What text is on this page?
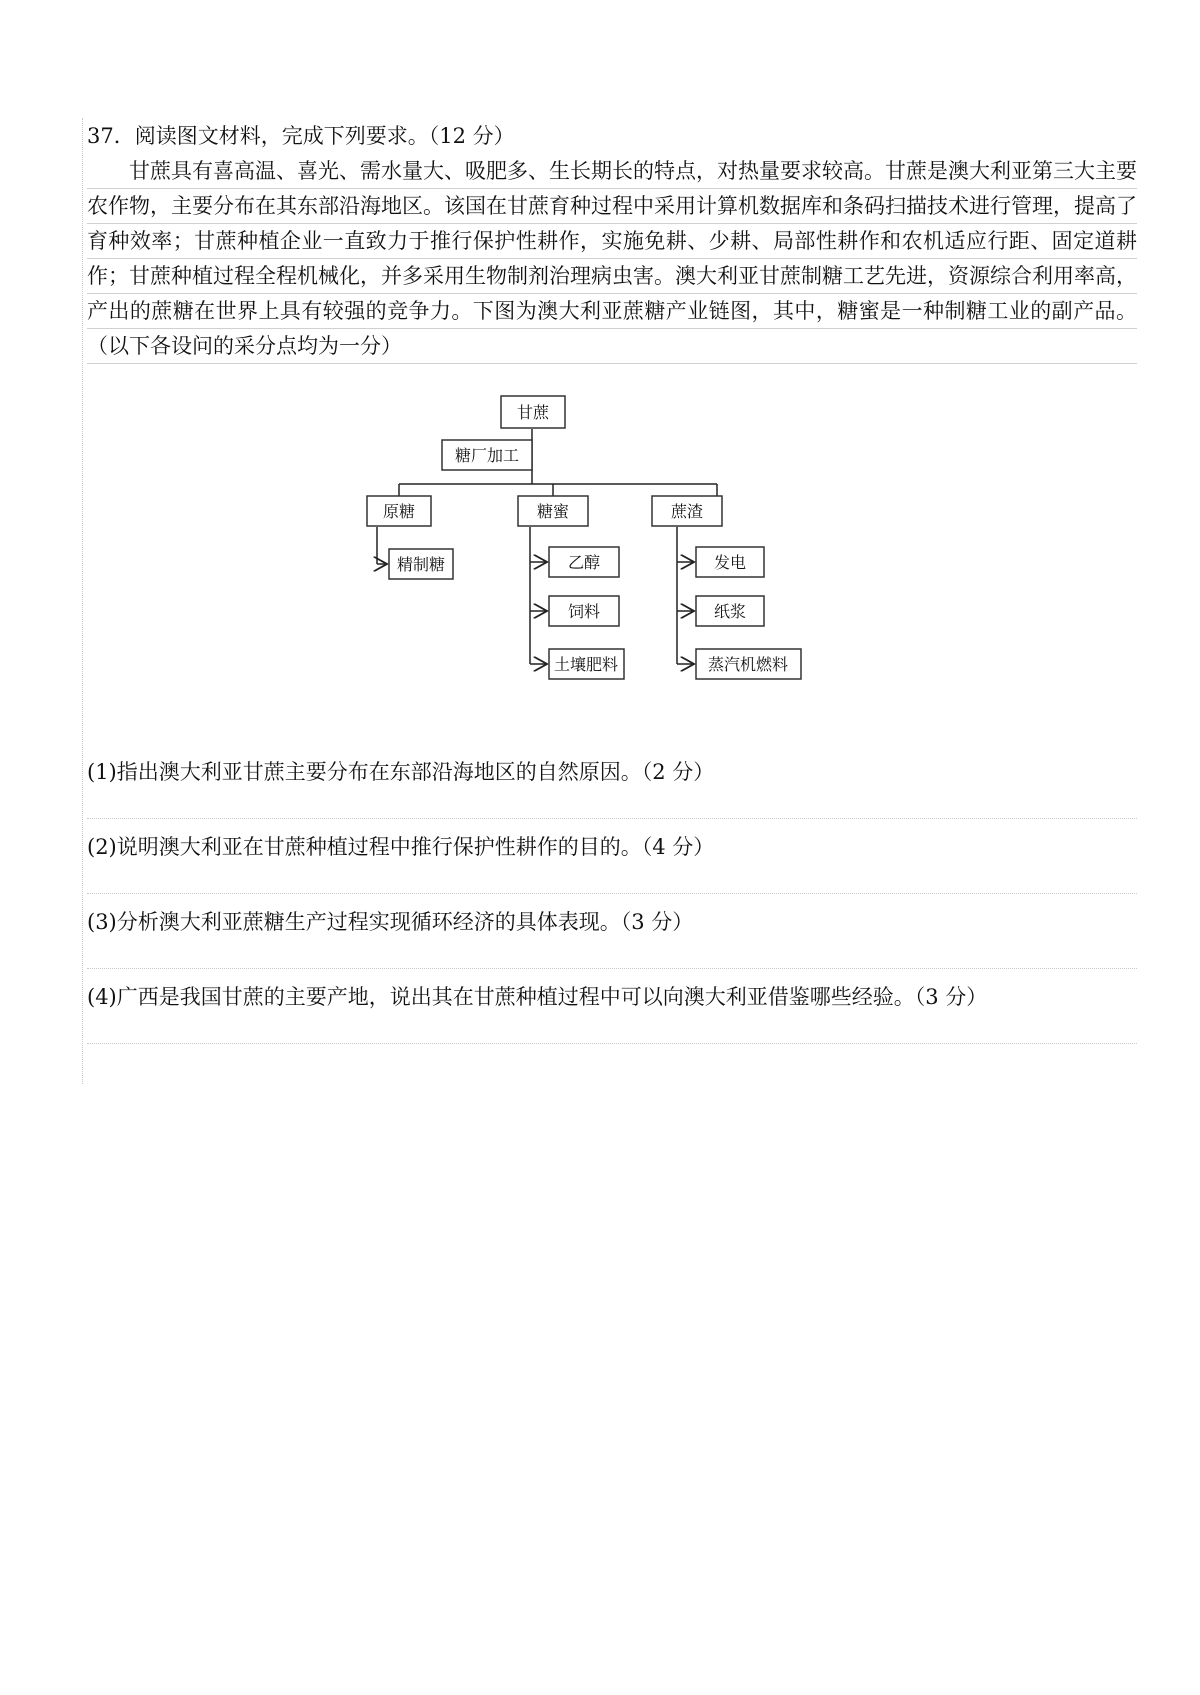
37．阅读图文材料，完成下列要求。（12 分）

甘蔗具有喜高温、喜光、需水量大、吸肥多、生长期长的特点，对热量要求较高。甘蔗是澳大利亚第三大主要农作物，主要分布在其东部沿海地区。该国在甘蔗育种过程中采用计算机数据库和条码扫描技术进行管理，提高了育种效率；甘蔗种植企业一直致力于推行保护性耕作，实施免耕、少耕、局部性耕作和农机适应行距、固定道耕作；甘蔗种植过程全程机械化，并多采用生物制剂治理病虫害。澳大利亚甘蔗制糖工艺先进，资源综合利用率高，产出的蔗糖在世界上具有较强的竞争力。下图为澳大利亚蔗糖产业链图，其中，糖蜜是一种制糖工业的副产品。（以下各设问的采分点均为一分）

甘蔗
糖厂加工
原糖	糖蜜	蔗渣
精制糖	乙醇
饲料
土壤肥料
发电
纸浆
蒸汽机燃料

(1)指出澳大利亚甘蔗主要分布在东部沿海地区的自然原因。（2 分）

(2)说明澳大利亚在甘蔗种植过程中推行保护性耕作的目的。（4 分）

(3)分析澳大利亚蔗糖生产过程实现循环经济的具体表现。（3 分）

(4)广西是我国甘蔗的主要产地，说出其在甘蔗种植过程中可以向澳大利亚借鉴哪些经验。（3 分）
